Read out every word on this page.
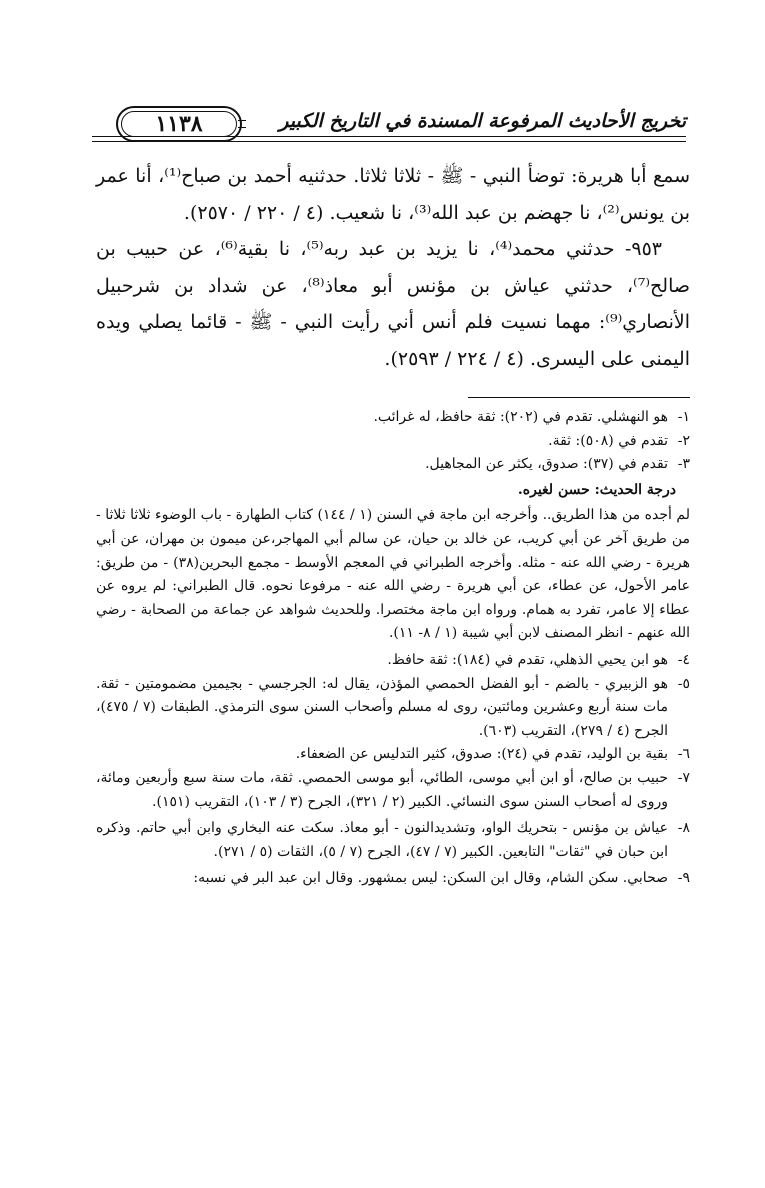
تخريج الأحاديث المرفوعة المسندة في التاريخ الكبير
١١٣٨

سمع أبا هريرة: توضأ النبي - ﷺ - ثلاثا ثلاثا. حدثنيه أحمد بن صباح⁽¹⁾، أنا عمر بن يونس⁽²⁾، نا جهضم بن عبد الله⁽³⁾، نا شعيب. (٤ / ٢٢٠ / ٢٥٧٠).

٩٥٣- حدثني محمد⁽⁴⁾، نا يزيد بن عبد ربه⁽⁵⁾، نا بقية⁽⁶⁾، عن حبيب بن صالح⁽⁷⁾، حدثني عياش بن مؤنس أبو معاذ⁽⁸⁾، عن شداد بن شرحبيل الأنصاري⁽⁹⁾: مهما نسيت فلم أنس أني رأيت النبي - ﷺ - قائما يصلي ويده اليمنى على اليسرى. (٤ / ٢٢٤ / ٢٥٩٣).

١-
هو النهشلي. تقدم في (٢٠٢): ثقة حافظ، له غرائب.

٢-
تقدم في (٥٠٨): ثقة.

٣-
تقدم في (٣٧): صدوق، يكثر عن المجاهيل.

درجة الحديث: حسن لغيره.

لم أجده من هذا الطريق.. وأخرجه ابن ماجة في السنن (١ / ١٤٤) كتاب الطهارة - باب الوضوء ثلاثا ثلاثا - من طريق آخر عن أبي كريب، عن خالد بن حيان، عن سالم أبي المهاجر،عن ميمون بن مهران، عن أبي هريرة - رضي الله عنه - مثله. وأخرجه الطبراني في المعجم الأوسط - مجمع البحرين(٣٨) - من طريق: عامر الأحول، عن عطاء، عن أبي هريرة - رضي الله عنه - مرفوعا نحوه. قال الطبراني: لم يروه عن عطاء إلا عامر، تفرد به همام. ورواه ابن ماجة مختصرا. وللحديث شواهد عن جماعة من الصحابة - رضي الله عنهم - انظر المصنف لابن أبي شيبة (١ / ٨- ١١).

٤-
هو ابن يحيي الذهلي، تقدم في (١٨٤): ثقة حافظ.

٥-
هو الزبيري - بالضم - أبو الفضل الحمصي المؤذن، يقال له: الجرجسي - بجيمين مضمومتين - ثقة. مات سنة أربع وعشرين ومائتين، روى له مسلم وأصحاب السنن سوى الترمذي. الطبقات (٧ / ٤٧٥)، الجرح (٤ / ٢٧٩)، التقريب (٦٠٣).

٦-
بقية بن الوليد، تقدم في (٢٤): صدوق، كثير التدليس عن الضعفاء.

٧-
حبيب بن صالح، أو ابن أبي موسى، الطائي، أبو موسى الحمصي. ثقة، مات سنة سبع وأربعين ومائة، وروى له أصحاب السنن سوى النسائي. الكبير (٢ / ٣٢١)، الجرح (٣ / ١٠٣)، التقريب (١٥١).

٨-
عياش بن مؤنس - بتحريك الواو، وتشديدالنون - أبو معاذ. سكت عنه البخاري وابن أبي حاتم. وذكره ابن حبان في "ثقات" التابعين. الكبير (٧ / ٤٧)، الجرح (٧ / ٥)، الثقات (٥ / ٢٧١).

٩-
صحابي. سكن الشام، وقال ابن السكن: ليس بمشهور. وقال ابن عبد البر في نسبه:
